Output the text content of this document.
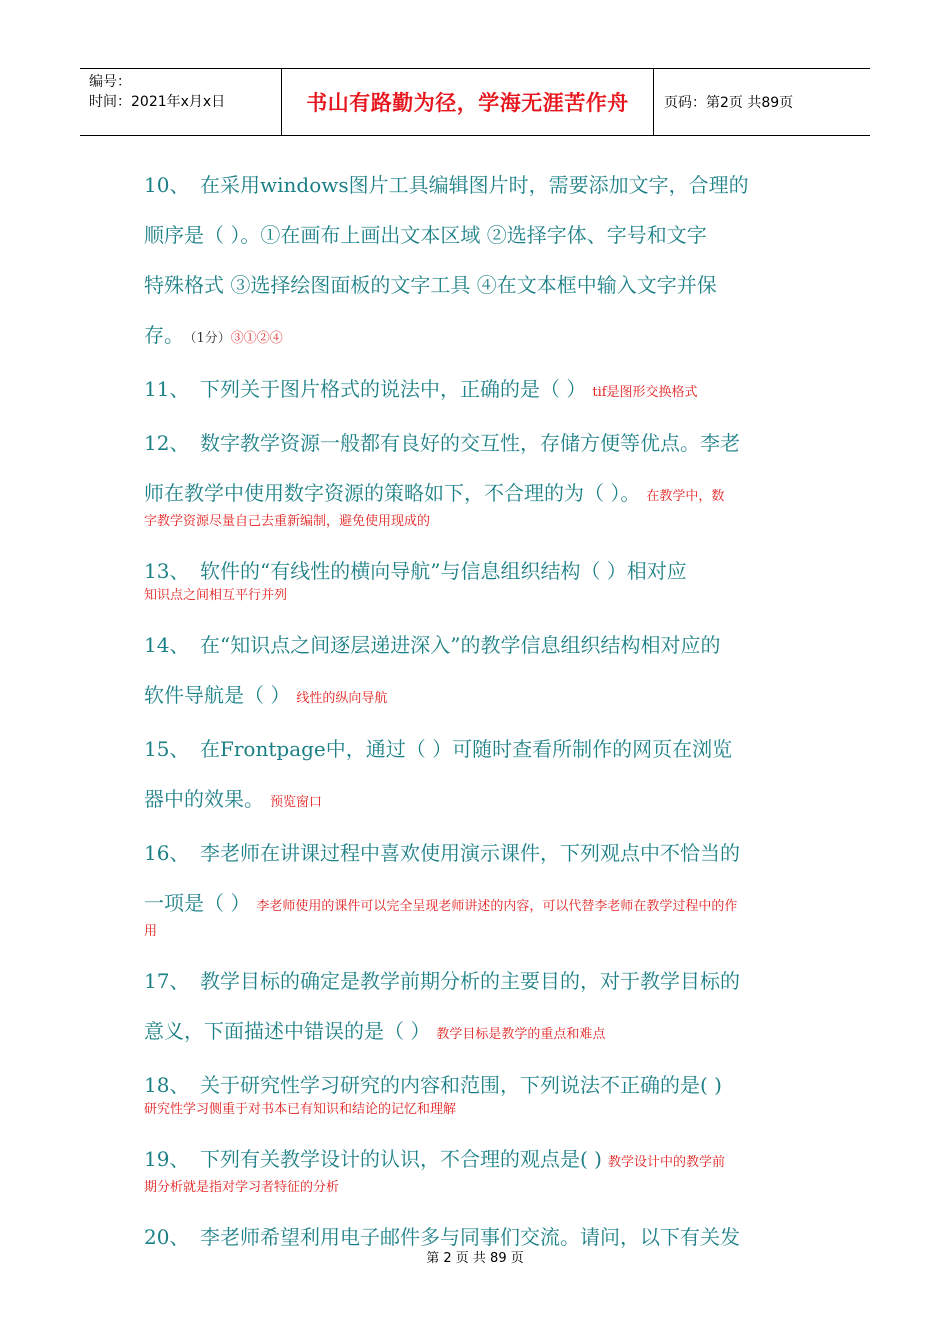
编号：
时间：2021年x月x日	书山有路勤为径，学海无涯苦作舟	页码：第2页 共89页
10、 在采用windows图片工具编辑图片时，需要添加文字，合理的
顺序是（ ）。①在画布上画出文本区域 ②选择字体、字号和文字
特殊格式 ③选择绘图面板的文字工具 ④在文本框中输入文字并保
存。 （1分）③①②④
11、 下列关于图片格式的说法中，正确的是（ ） tif是图形交换格式
12、 数字教学资源一般都有良好的交互性，存储方便等优点。李老
师在教学中使用数字资源的策略如下，不合理的为（ ）。 在教学中，数
字教学资源尽量自己去重新编制，避免使用现成的
13、 软件的“有线性的横向导航”与信息组织结构（ ）相对应
知识点之间相互平行并列
14、 在“知识点之间逐层递进深入”的教学信息组织结构相对应的
软件导航是（ ） 线性的纵向导航
15、 在Frontpage中，通过（ ）可随时查看所制作的网页在浏览
器中的效果。 预览窗口
16、 李老师在讲课过程中喜欢使用演示课件，下列观点中不恰当的
一项是（ ） 李老师使用的课件可以完全呈现老师讲述的内容，可以代替李老师在教学过程中的作
用
17、 教学目标的确定是教学前期分析的主要目的，对于教学目标的
意义，下面描述中错误的是（ ） 教学目标是教学的重点和难点
18、 关于研究性学习研究的内容和范围，下列说法不正确的是( )
研究性学习侧重于对书本已有知识和结论的记忆和理解
19、 下列有关教学设计的认识，不合理的观点是( ) 教学设计中的教学前
期分析就是指对学习者特征的分析
20、 李老师希望利用电子邮件多与同事们交流。请问，以下有关发
第 2 页 共 89 页
